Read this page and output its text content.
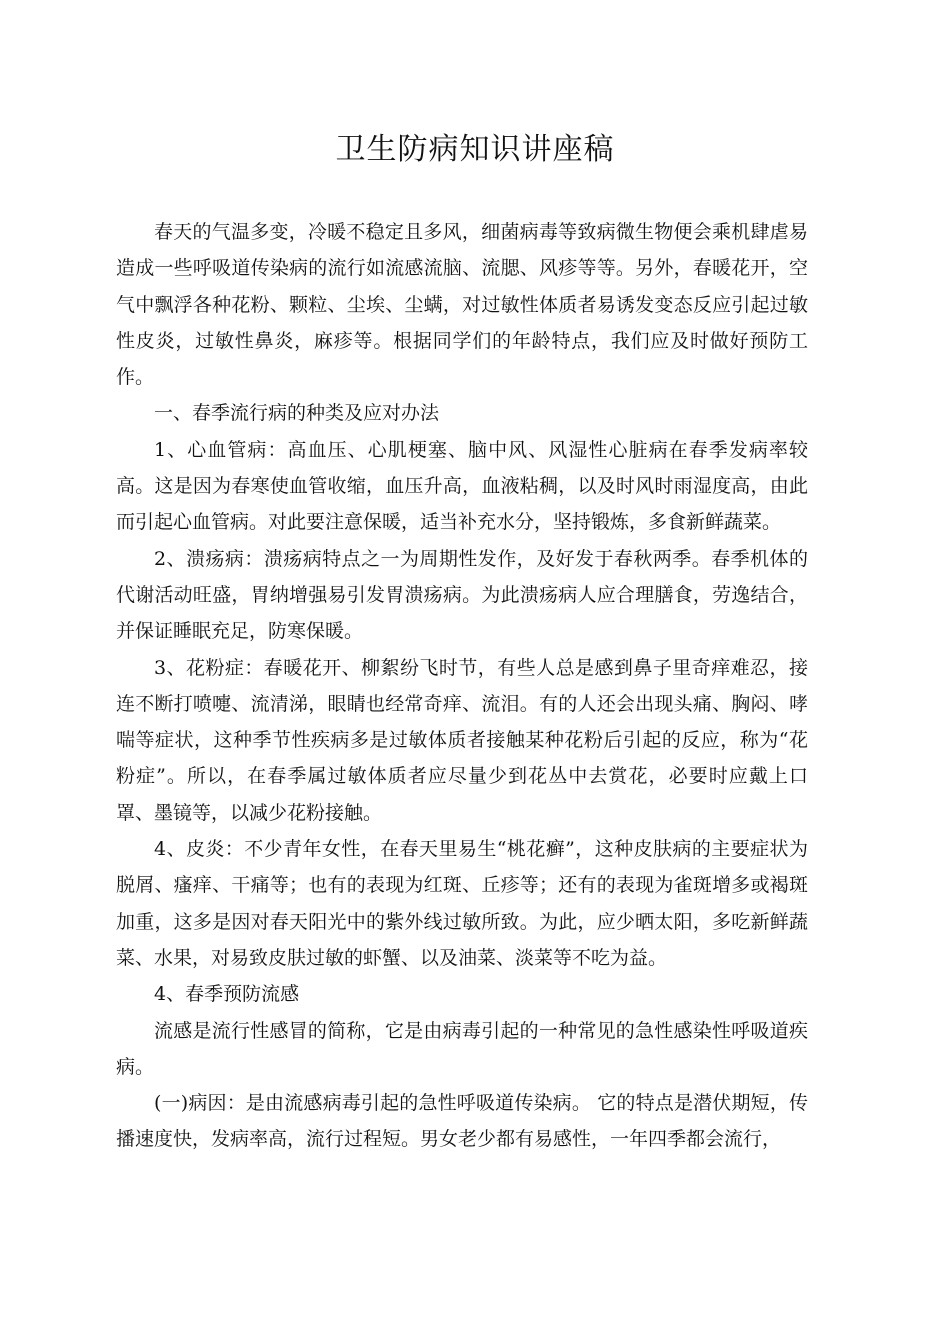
卫生防病知识讲座稿

春天的气温多变，冷暖不稳定且多风，细菌病毒等致病微生物便会乘机肆虐易造成一些呼吸道传染病的流行如流感流脑、流腮、风疹等等。另外，春暖花开，空气中飘浮各种花粉、颗粒、尘埃、尘螨，对过敏性体质者易诱发变态反应引起过敏性皮炎，过敏性鼻炎，麻疹等。根据同学们的年龄特点，我们应及时做好预防工作。

一、春季流行病的种类及应对办法

1、心血管病：高血压、心肌梗塞、脑中风、风湿性心脏病在春季发病率较高。这是因为春寒使血管收缩，血压升高，血液粘稠，以及时风时雨湿度高，由此而引起心血管病。对此要注意保暖，适当补充水分，坚持锻炼，多食新鲜蔬菜。

2、溃疡病：溃疡病特点之一为周期性发作，及好发于春秋两季。春季机体的代谢活动旺盛，胃纳增强易引发胃溃疡病。为此溃疡病人应合理膳食，劳逸结合，并保证睡眠充足，防寒保暖。

3、花粉症：春暖花开、柳絮纷飞时节，有些人总是感到鼻子里奇痒难忍，接连不断打喷嚏、流清涕，眼睛也经常奇痒、流泪。有的人还会出现头痛、胸闷、哮喘等症状，这种季节性疾病多是过敏体质者接触某种花粉后引起的反应，称为“花粉症”。所以，在春季属过敏体质者应尽量少到花丛中去赏花，必要时应戴上口罩、墨镜等，以减少花粉接触。

4、皮炎：不少青年女性，在春天里易生“桃花癣”，这种皮肤病的主要症状为脱屑、瘙痒、干痛等；也有的表现为红斑、丘疹等；还有的表现为雀斑增多或褐斑加重，这多是因对春天阳光中的紫外线过敏所致。为此，应少晒太阳，多吃新鲜蔬菜、水果，对易致皮肤过敏的虾蟹、以及油菜、淡菜等不吃为益。

4、春季预防流感

流感是流行性感冒的简称，它是由病毒引起的一种常见的急性感染性呼吸道疾病。

(一)病因：是由流感病毒引起的急性呼吸道传染病。 它的特点是潜伏期短，传播速度快，发病率高，流行过程短。男女老少都有易感性，一年四季都会流行，
